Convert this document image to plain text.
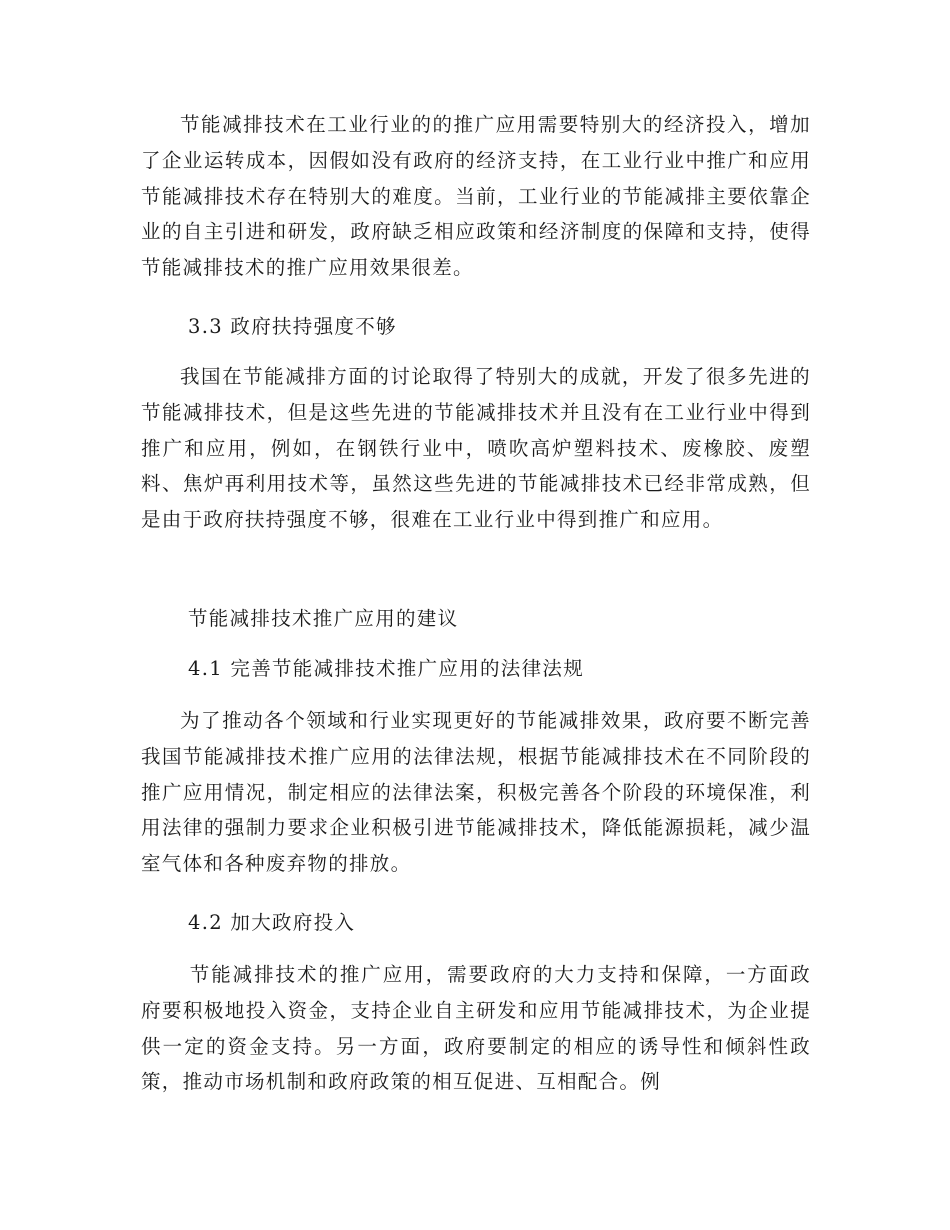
节能减排技术在工业行业的的推广应用需要特别大的经济投入，增加了企业运转成本，因假如没有政府的经济支持，在工业行业中推广和应用节能减排技术存在特别大的难度。当前，工业行业的节能减排主要依靠企业的自主引进和研发，政府缺乏相应政策和经济制度的保障和支持，使得节能减排技术的推广应用效果很差。

3.3 政府扶持强度不够

我国在节能减排方面的讨论取得了特别大的成就，开发了很多先进的节能减排技术，但是这些先进的节能减排技术并且没有在工业行业中得到推广和应用，例如，在钢铁行业中，喷吹高炉塑料技术、废橡胶、废塑料、焦炉再利用技术等，虽然这些先进的节能减排技术已经非常成熟，但是由于政府扶持强度不够，很难在工业行业中得到推广和应用。

节能减排技术推广应用的建议

4.1 完善节能减排技术推广应用的法律法规

为了推动各个领域和行业实现更好的节能减排效果，政府要不断完善我国节能减排技术推广应用的法律法规，根据节能减排技术在不同阶段的推广应用情况，制定相应的法律法案，积极完善各个阶段的环境保准，利用法律的强制力要求企业积极引进节能减排技术，降低能源损耗，减少温室气体和各种废弃物的排放。

4.2 加大政府投入

节能减排技术的推广应用，需要政府的大力支持和保障，一方面政府要积极地投入资金，支持企业自主研发和应用节能减排技术，为企业提供一定的资金支持。另一方面，政府要制定的相应的诱导性和倾斜性政策，推动市场机制和政府政策的相互促进、互相配合。例
